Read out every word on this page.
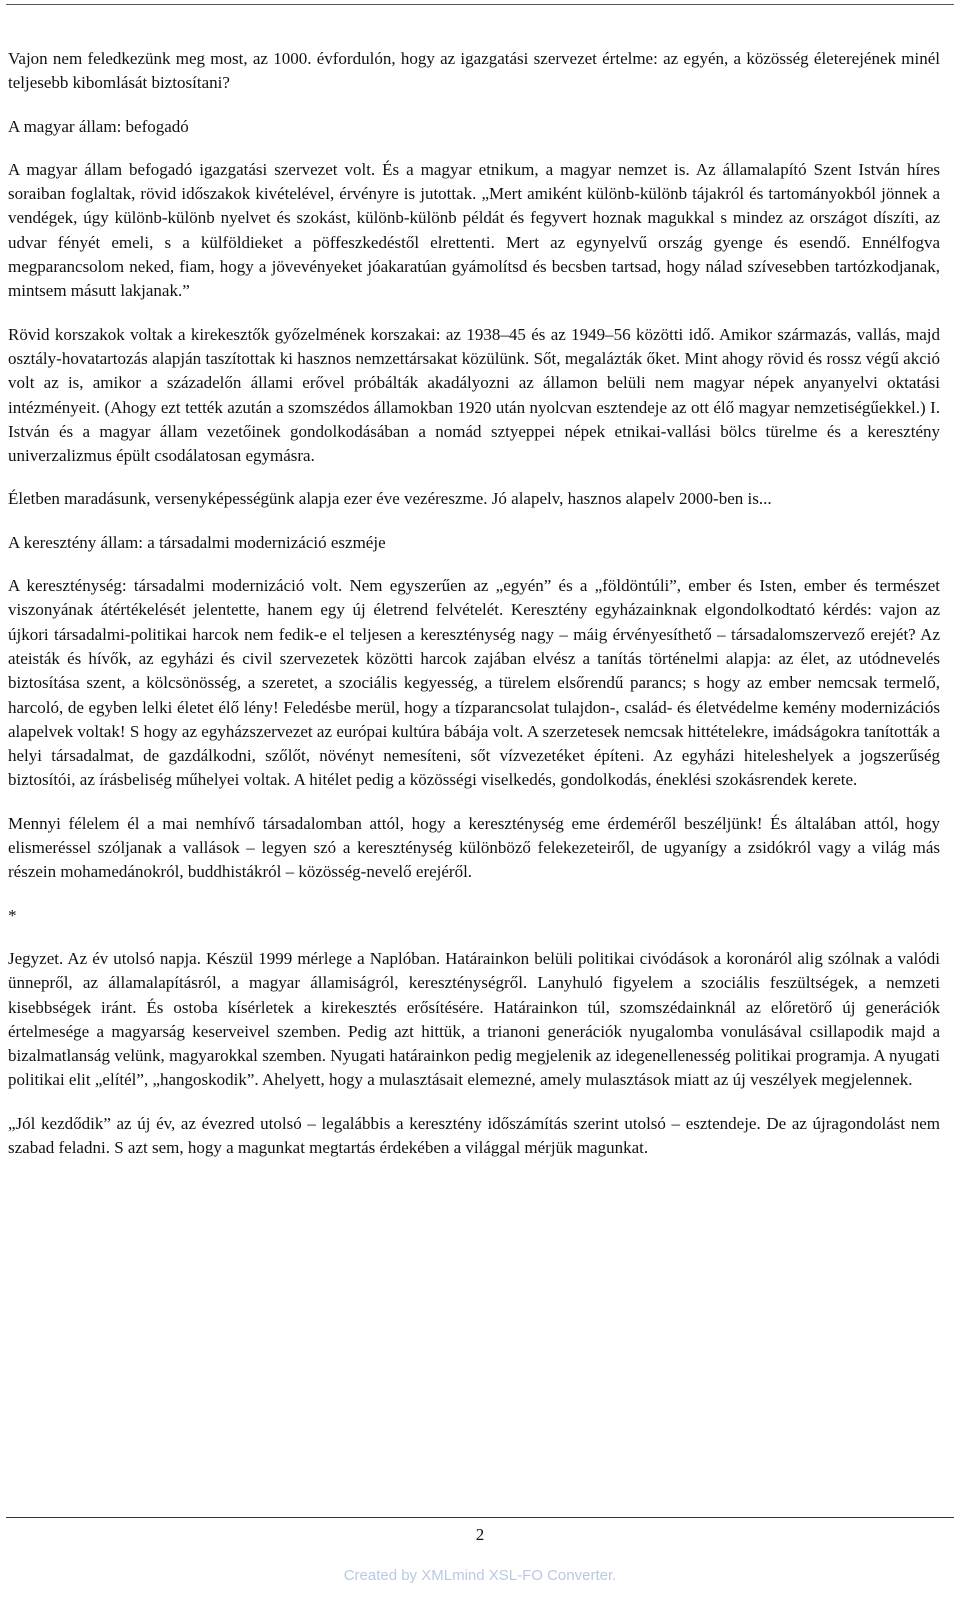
Vajon nem feledkezünk meg most, az 1000. évfordulón, hogy az igazgatási szervezet értelme: az egyén, a közösség életerejének minél teljesebb kibomlását biztosítani?

A magyar állam: befogadó

A magyar állam befogadó igazgatási szervezet volt. És a magyar etnikum, a magyar nemzet is. Az államalapító Szent István híres soraiban foglaltak, rövid időszakok kivételével, érvényre is jutottak. „Mert amiként különb-különb tájakról és tartományokból jönnek a vendégek, úgy különb-különb nyelvet és szokást, különb-különb példát és fegyvert hoznak magukkal s mindez az országot díszíti, az udvar fényét emeli, s a külföldieket a pöffeszkedéstől elrettenti. Mert az egynyelvű ország gyenge és esendő. Ennélfogva megparancsolom neked, fiam, hogy a jövevényeket jóakaratúan gyámolítsd és becsben tartsad, hogy nálad szívesebben tartózkodjanak, mintsem másutt lakjanak.”

Rövid korszakok voltak a kirekesztők győzelmének korszakai: az 1938–45 és az 1949–56 közötti idő. Amikor származás, vallás, majd osztály-hovatartozás alapján taszítottak ki hasznos nemzettársakat közülünk. Sőt, megalázták őket. Mint ahogy rövid és rossz végű akció volt az is, amikor a századelőn állami erővel próbálták akadályozni az államon belüli nem magyar népek anyanyelvi oktatási intézményeit. (Ahogy ezt tették azután a szomszédos államokban 1920 után nyolcvan esztendeje az ott élő magyar nemzetiségűekkel.) I. István és a magyar állam vezetőinek gondolkodásában a nomád sztyeppei népek etnikai-vallási bölcs türelme és a keresztény univerzalizmus épült csodálatosan egymásra.

Életben maradásunk, versenyképességünk alapja ezer éve vezéreszme. Jó alapelv, hasznos alapelv 2000-ben is...

A keresztény állam: a társadalmi modernizáció eszméje

A kereszténység: társadalmi modernizáció volt. Nem egyszerűen az „egyén” és a „földöntúli”, ember és Isten, ember és természet viszonyának átértékelését jelentette, hanem egy új életrend felvételét. Keresztény egyházainknak elgondolkodtató kérdés: vajon az újkori társadalmi-politikai harcok nem fedik-e el teljesen a kereszténység nagy – máig érvényesíthető – társadalomszervező erejét? Az ateisták és hívők, az egyházi és civil szervezetek közötti harcok zajában elvész a tanítás történelmi alapja: az élet, az utódnevelés biztosítása szent, a kölcsönösség, a szeretet, a szociális kegyesség, a türelem elsőrendű parancs; s hogy az ember nemcsak termelő, harcoló, de egyben lelki életet élő lény! Feledésbe merül, hogy a tízparancsolat tulajdon-, család- és életvédelme kemény modernizációs alapelvek voltak! S hogy az egyházszervezet az európai kultúra bábája volt. A szerzetesek nemcsak hittételekre, imádságokra tanították a helyi társadalmat, de gazdálkodni, szőlőt, növényt nemesíteni, sőt vízvezetéket építeni. Az egyházi hiteleshelyek a jogszerűség biztosítói, az írásbeliség műhelyei voltak. A hitélet pedig a közösségi viselkedés, gondolkodás, éneklési szokásrendek kerete.

Mennyi félelem él a mai nemhívő társadalomban attól, hogy a kereszténység eme érdeméről beszéljünk! És általában attól, hogy elismeréssel szóljanak a vallások – legyen szó a kereszténység különböző felekezeteiről, de ugyanígy a zsidókról vagy a világ más részein mohamedánokról, buddhistákról – közösség-nevelő erejéről.

*

Jegyzet. Az év utolsó napja. Készül 1999 mérlege a Naplóban. Határainkon belüli politikai civódások a koronáról alig szólnak a valódi ünnepről, az államalapításról, a magyar államiságról, kereszténységről. Lanyhuló figyelem a szociális feszültségek, a nemzeti kisebbségek iránt. És ostoba kísérletek a kirekesztés erősítésére. Határainkon túl, szomszédainknál az előretörő új generációk értelmesége a magyarság keserveivel szemben. Pedig azt hittük, a trianoni generációk nyugalomba vonulásával csillapodik majd a bizalmatlanság velünk, magyarokkal szemben. Nyugati határainkon pedig megjelenik az idegenellenesség politikai programja. A nyugati politikai elit „elítél”, „hangoskodik”. Ahelyett, hogy a mulasztásait elemezné, amely mulasztások miatt az új veszélyek megjelennek.

„Jól kezdődik” az új év, az évezred utolsó – legalábbis a keresztény időszámítás szerint utolsó – esztendeje. De az újragondolást nem szabad feladni. S azt sem, hogy a magunkat megtartás érdekében a világgal mérjük magunkat.

2
Created by XMLmind XSL-FO Converter.
